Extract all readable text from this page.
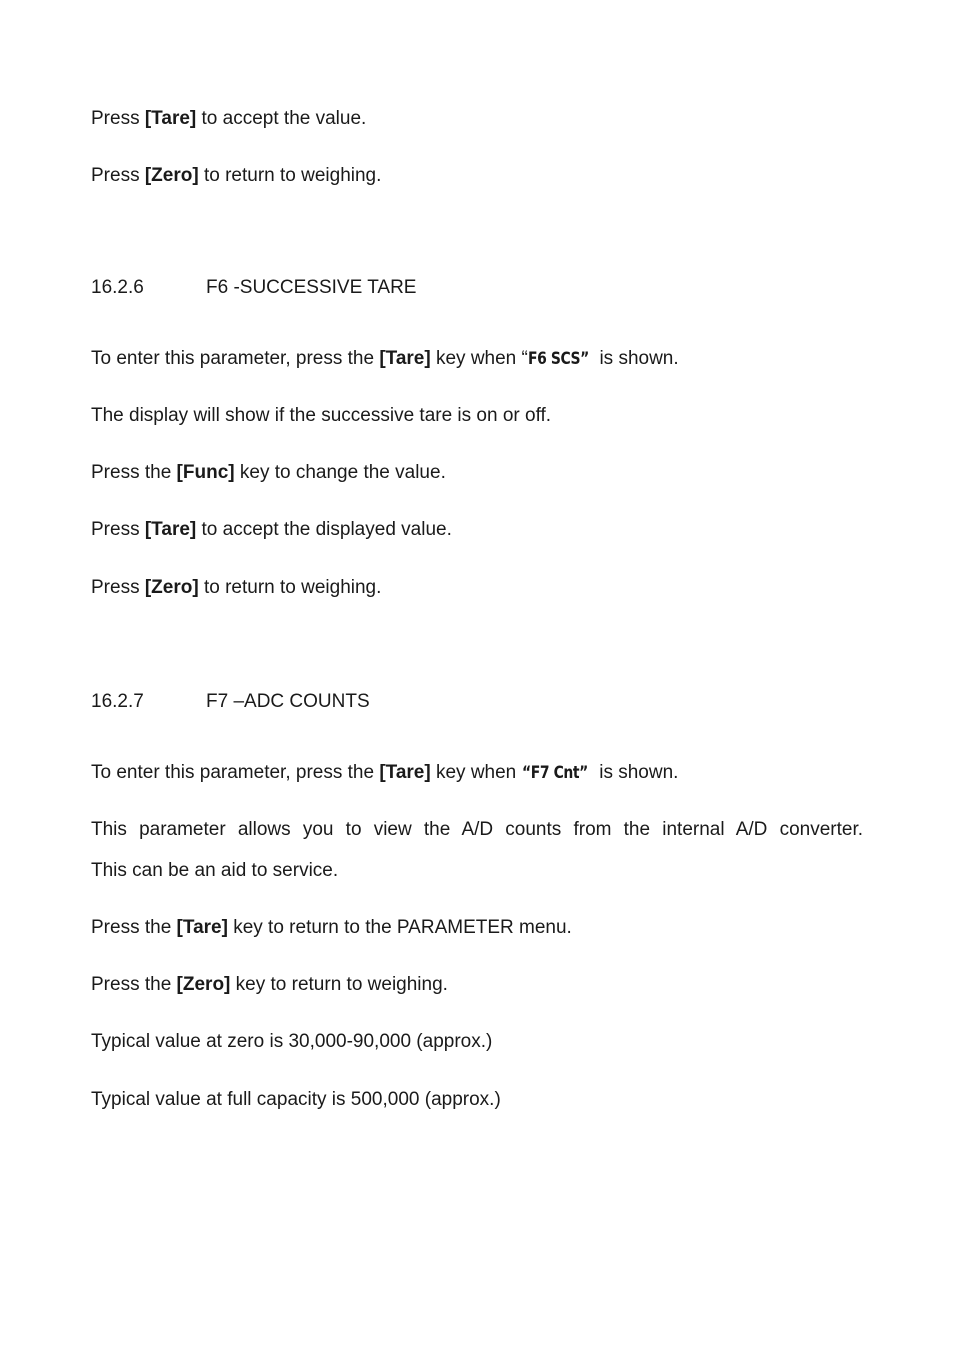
Press [Tare] to accept the value.
Press [Zero] to return to weighing.
16.2.6	F6 -SUCCESSIVE TARE
To enter this parameter, press the [Tare] key when “F6 SCS” is shown.
The display will show if the successive tare is on or off.
Press the [Func] key to change the value.
Press [Tare] to accept the displayed value.
Press [Zero] to return to weighing.
16.2.7	F7 –ADC COUNTS
To enter this parameter, press the [Tare] key when “F7 Cnt” is shown.
This parameter allows you to view the A/D counts from the internal A/D converter.
This can be an aid to service.
Press the [Tare] key to return to the PARAMETER menu.
Press the [Zero] key to return to weighing.
Typical value at zero is 30,000-90,000 (approx.)
Typical value at full capacity is 500,000 (approx.)
